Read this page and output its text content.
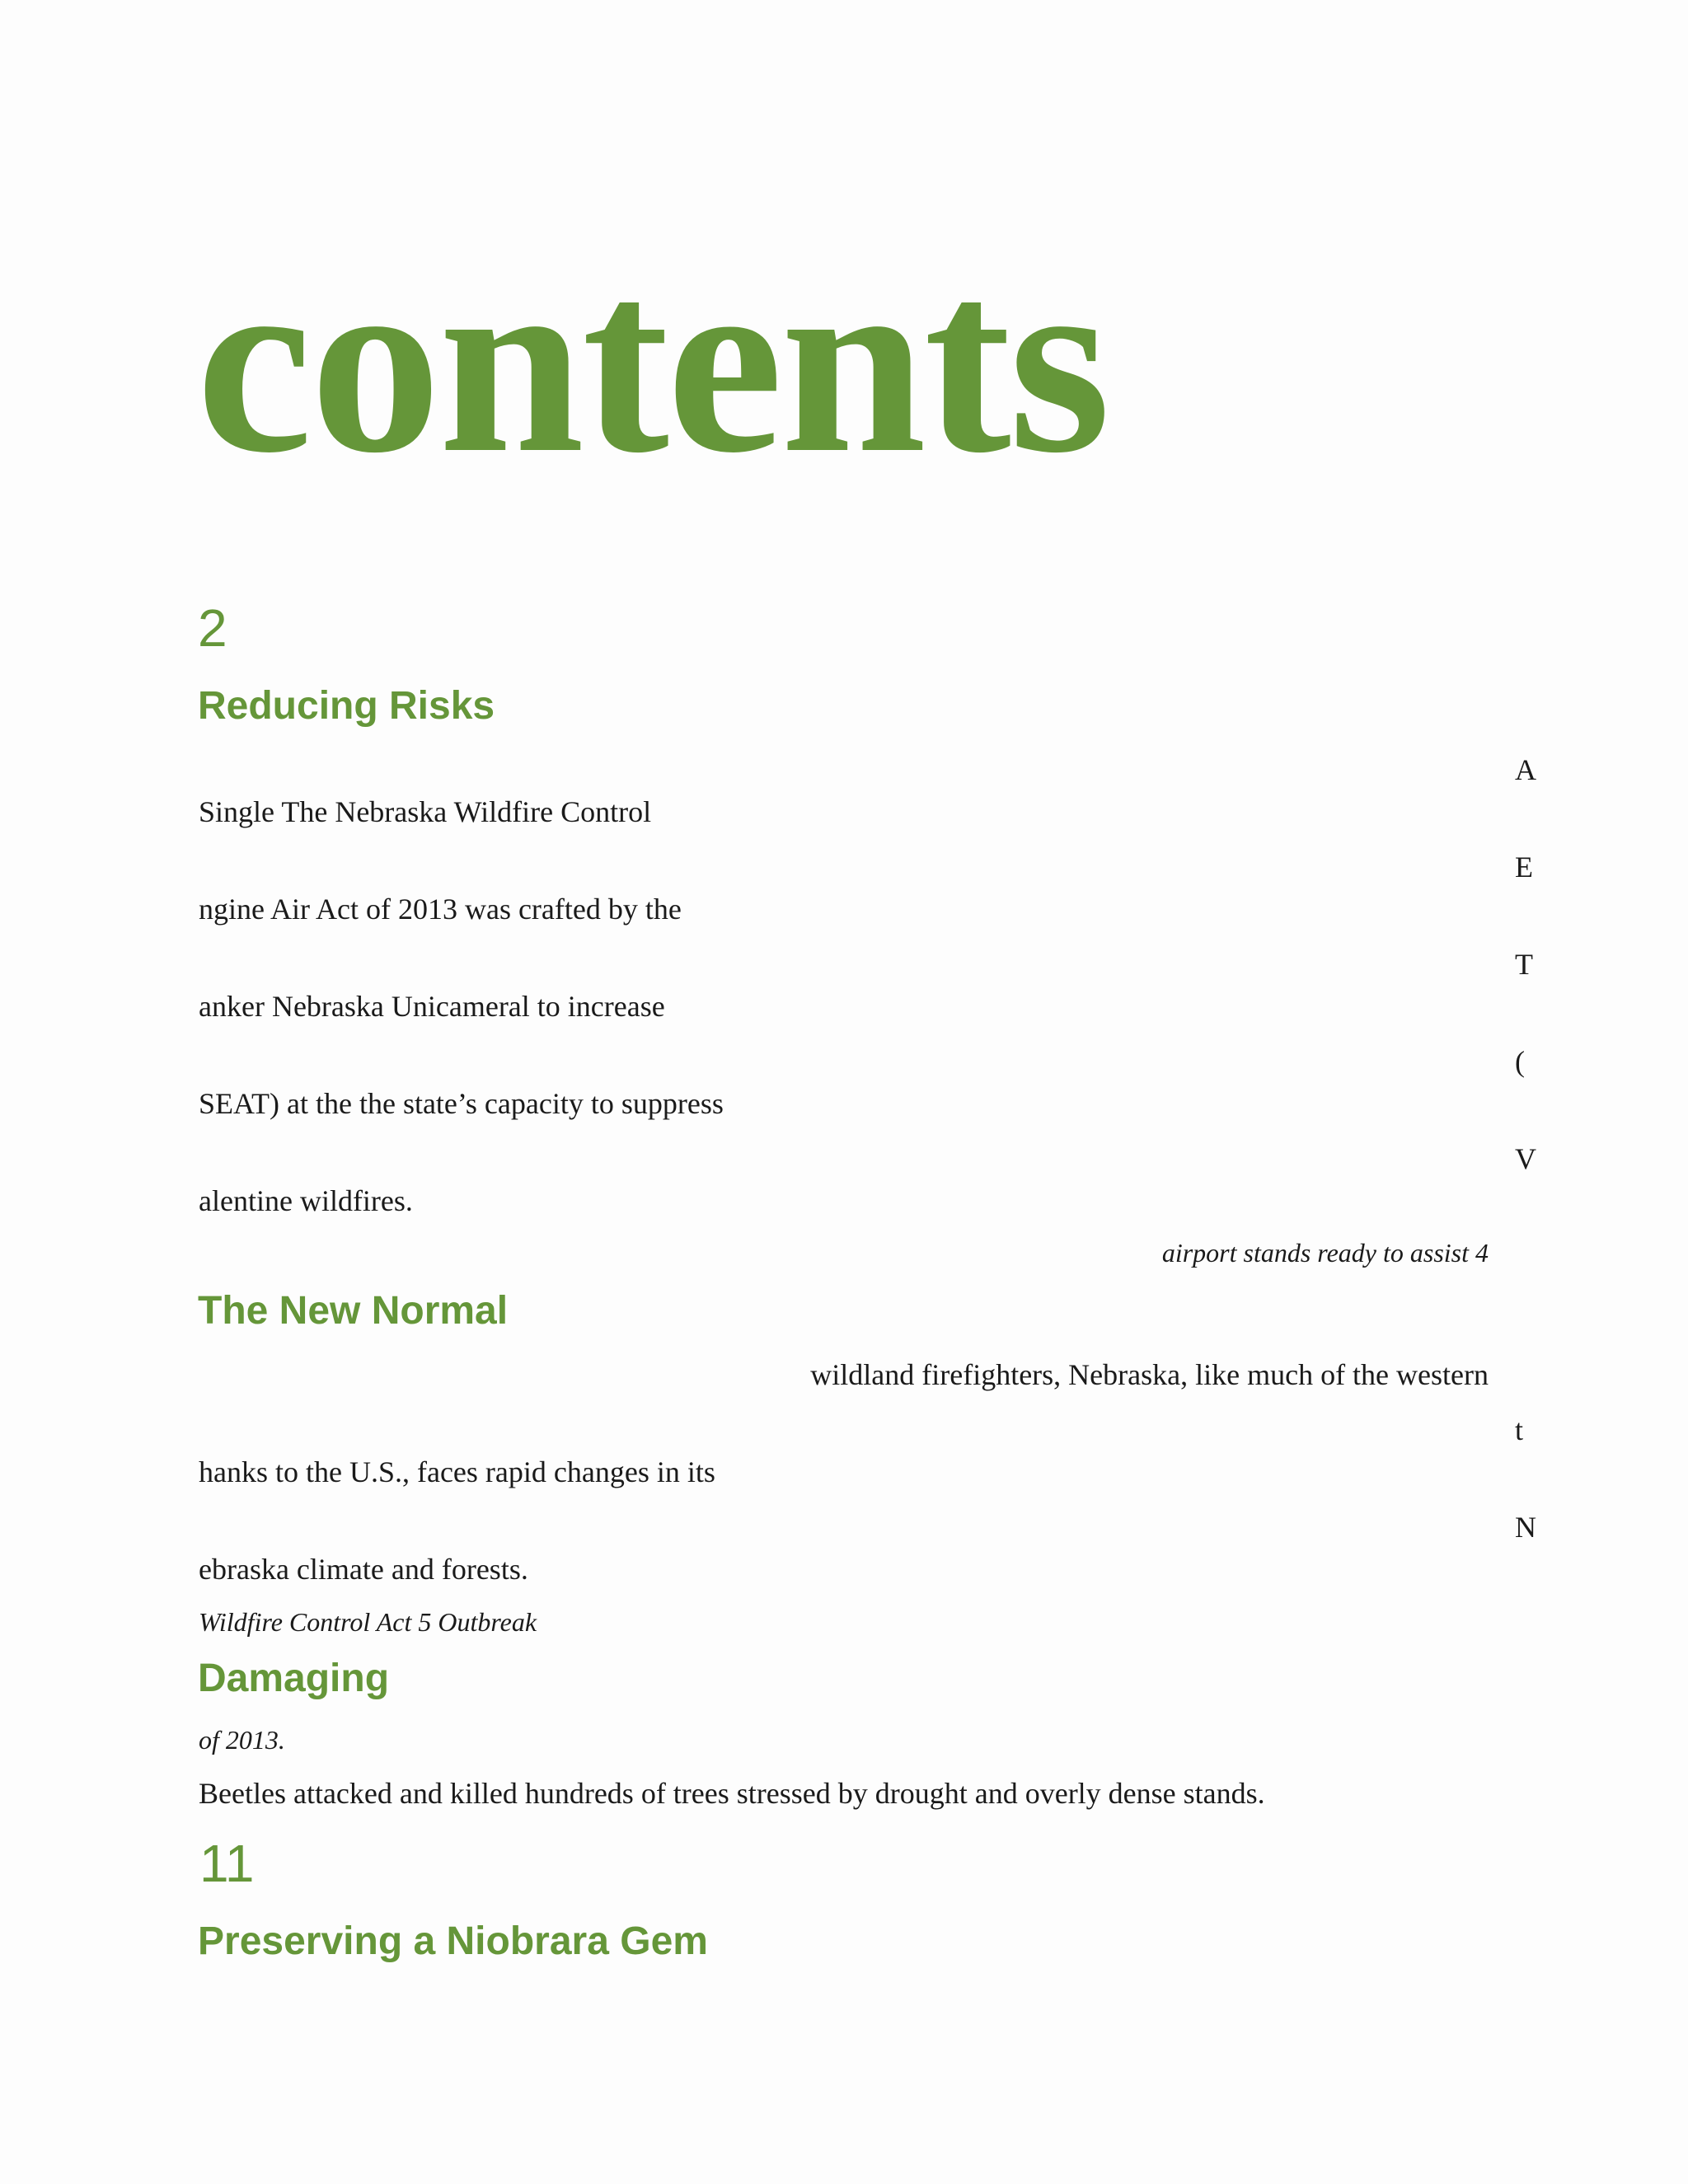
contents
2
Reducing Risks
A
Single The Nebraska Wildfire Control
E
ngine Air Act of 2013 was crafted by the
T
anker Nebraska Unicameral to increase
(
SEAT) at the the state’s capacity to suppress
V
alentine wildfires.
airport stands ready to assist 4
The New Normal
wildland firefighters, Nebraska, like much of the western
t
hanks to the U.S., faces rapid changes in its
N
ebraska climate and forests.
Wildfire Control Act 5 Outbreak
Damaging
of 2013.
Beetles attacked and killed hundreds of trees stressed by drought and overly dense stands.
11
Preserving a Niobrara Gem
